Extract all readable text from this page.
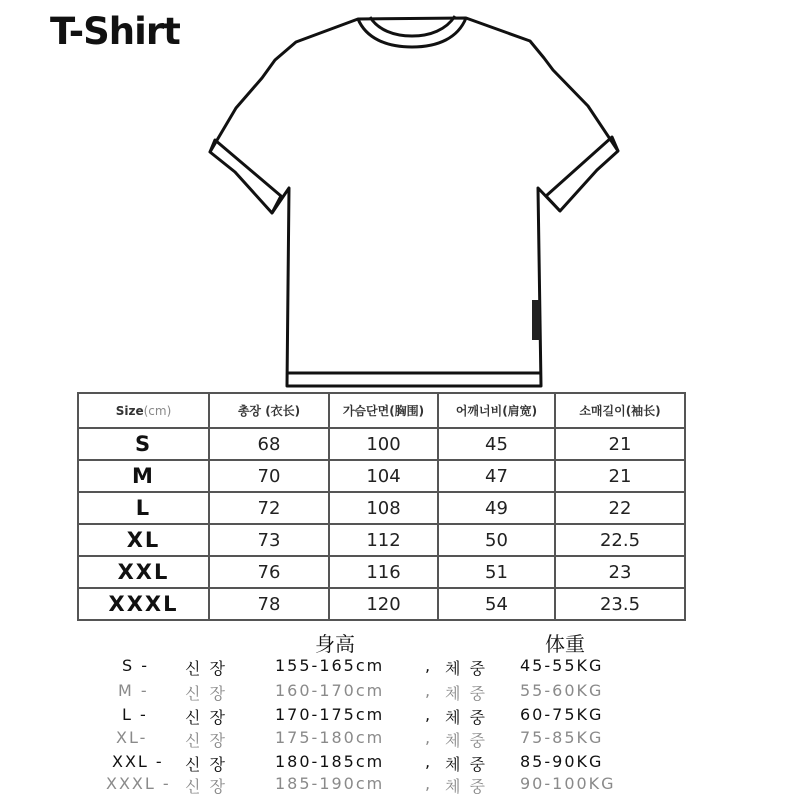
T-Shirt
Size(cm)	총장 (衣长)	가슴단면(胸围)	어깨너비(肩宽)	소매길이(袖长)
S	68	100	45	21
M	70	104	47	21
L	72	108	49	22
XL	73	112	50	22.5
XXL	76	116	51	23
XXXL	78	120	54	23.5
身高	体重
S - 신 장	155-165cm	, 체 중 45-55KG
M - 신 장	160-170cm	, 체 중 55-60KG
L - 신 장	170-175cm	, 체 중 60-75KG
XL- 신 장	175-180cm	, 체 중 75-85KG
XXL - 신 장	180-185cm	, 체 중 85-90KG
XXXL - 신 장	185-190cm	, 체 중 90-100KG
